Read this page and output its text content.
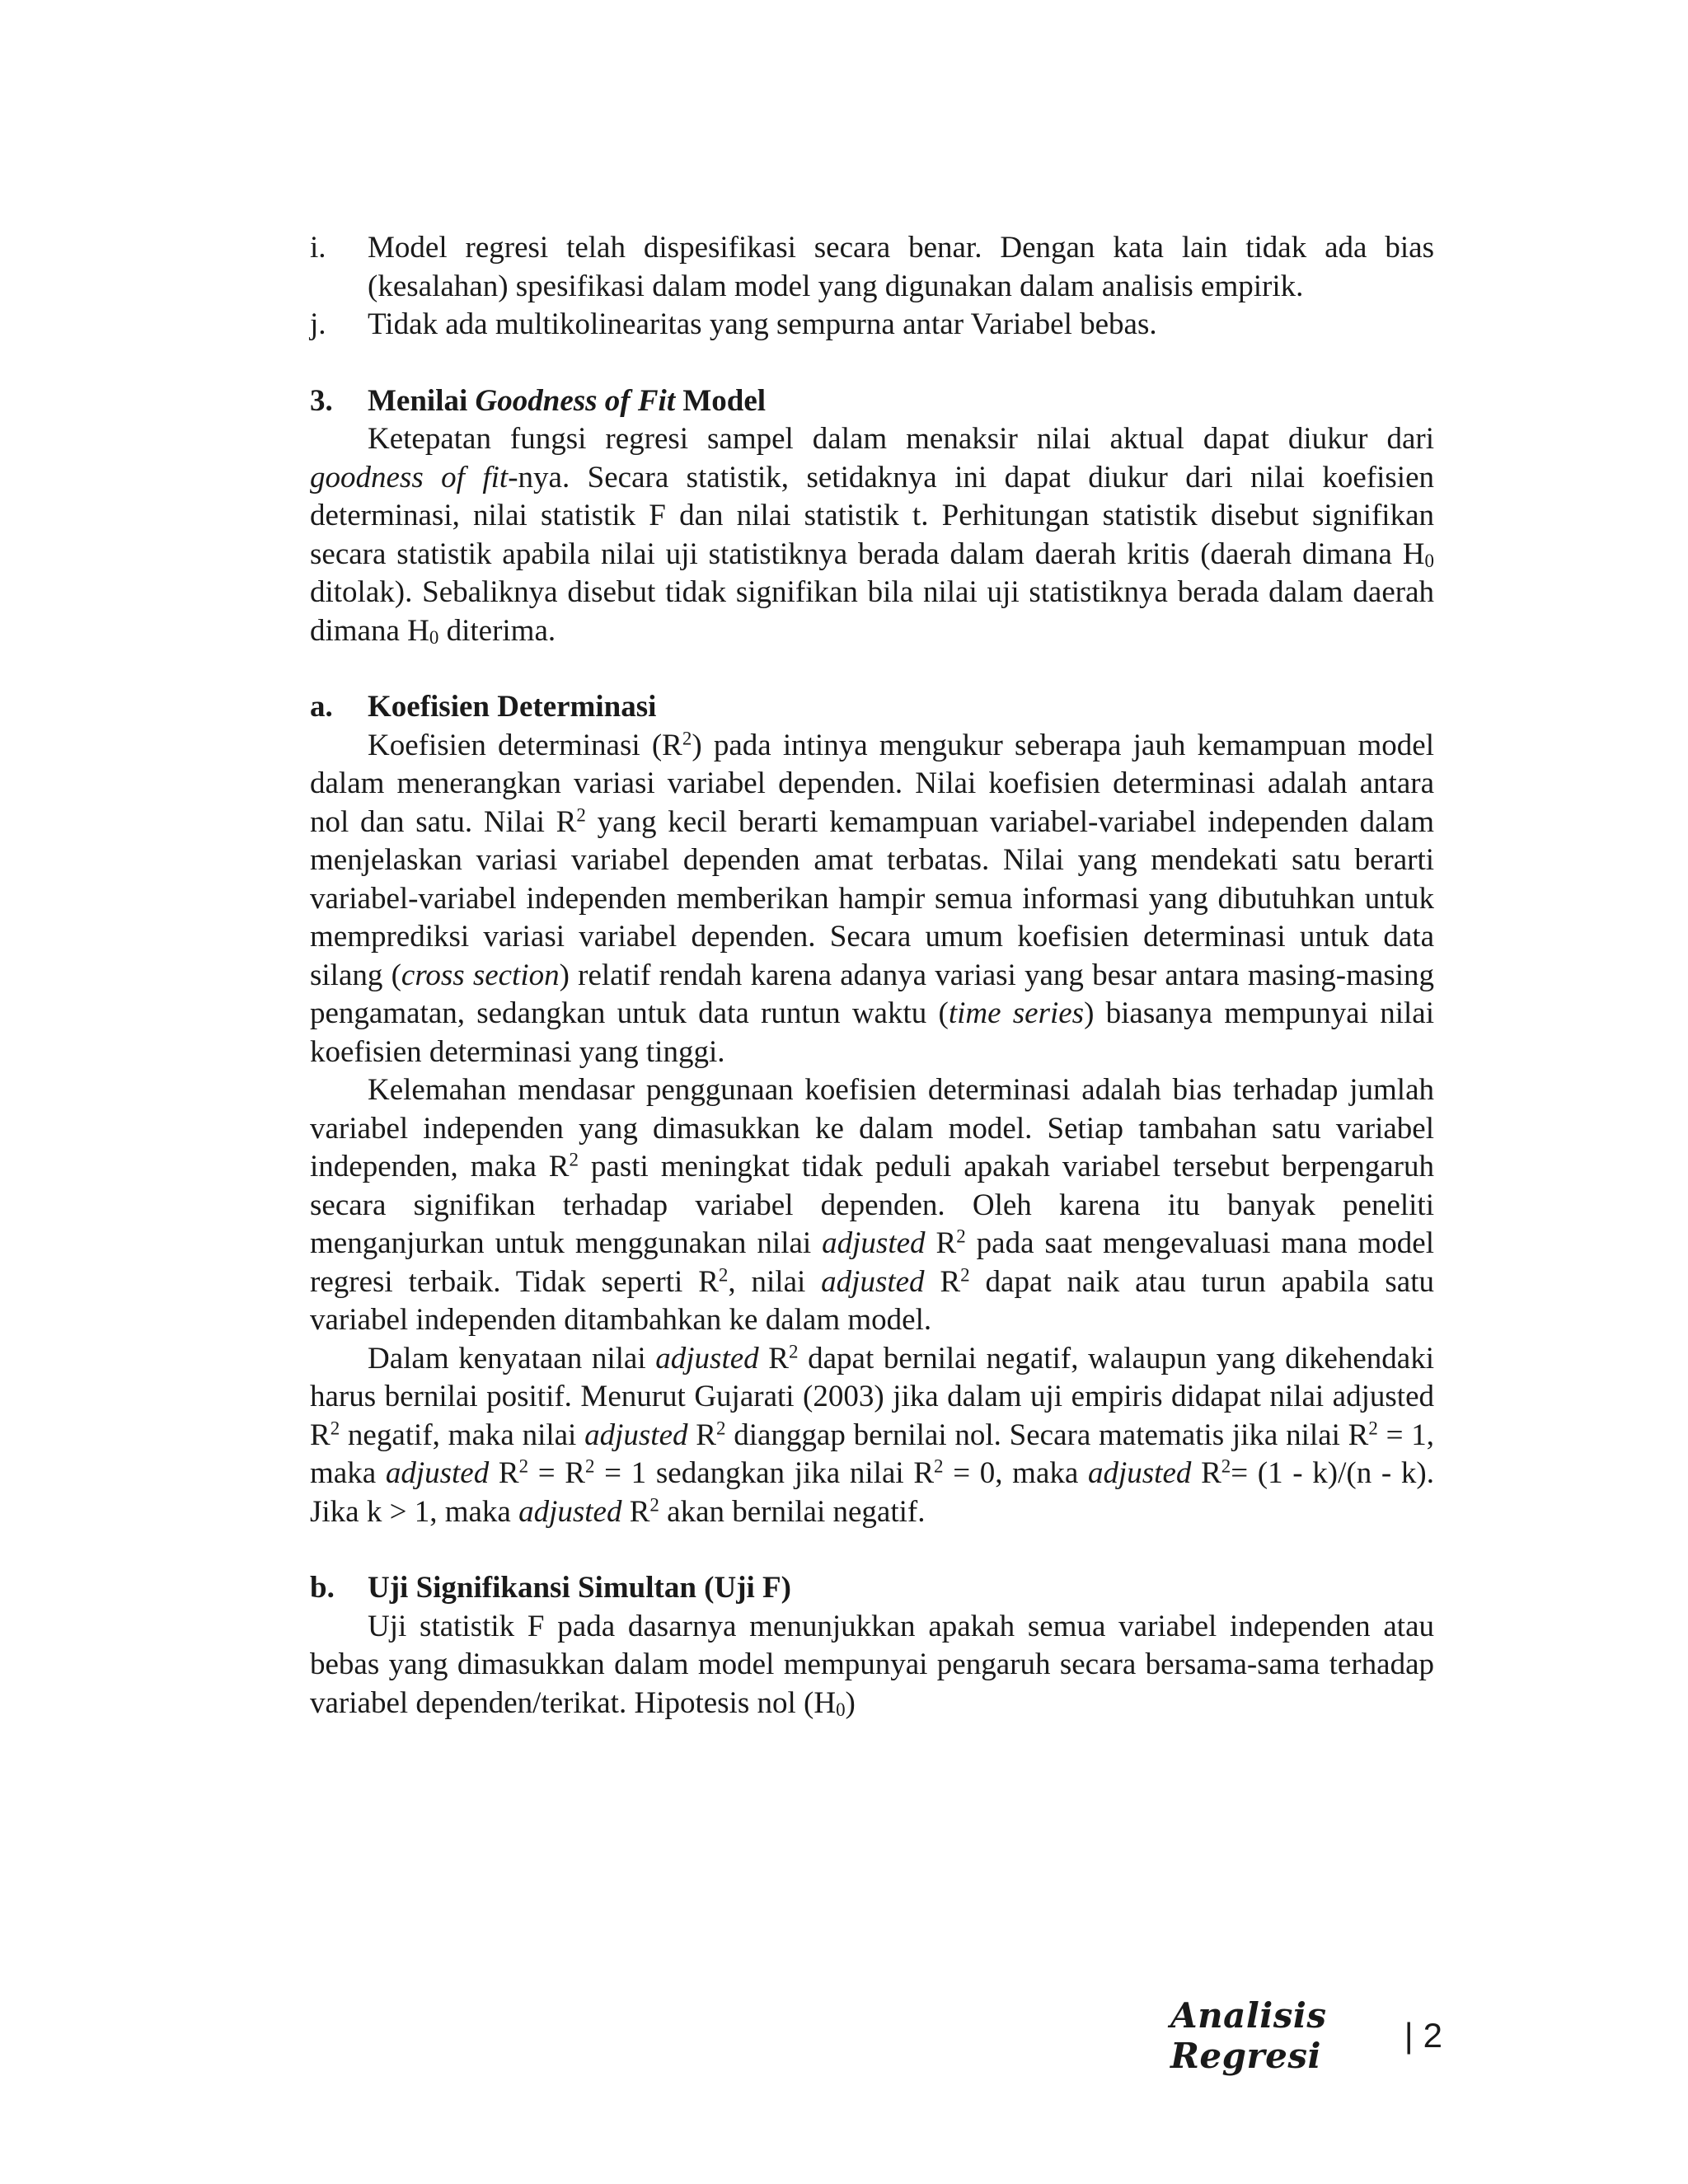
i.	Model regresi telah dispesifikasi secara benar. Dengan kata lain tidak ada bias (kesalahan) spesifikasi dalam model yang digunakan dalam analisis empirik.
j.	Tidak ada multikolinearitas yang sempurna antar Variabel bebas.
3.	Menilai Goodness of Fit Model

Ketepatan fungsi regresi sampel dalam menaksir nilai aktual dapat diukur dari goodness of fit-nya. Secara statistik, setidaknya ini dapat diukur dari nilai koefisien determinasi, nilai statistik F dan nilai statistik t. Perhitungan statistik disebut signifikan secara statistik apabila nilai uji statistiknya berada dalam daerah kritis (daerah dimana $H_0$ ditolak). Sebaliknya disebut tidak signifikan bila nilai uji statistiknya berada dalam daerah dimana $H_0$ diterima.

a.	Koefisien Determinasi

Koefisien determinasi $(R^2)$ pada intinya mengukur seberapa jauh kemampuan model dalam menerangkan variasi variabel dependen. Nilai koefisien determinasi adalah antara nol dan satu. Nilai $R^2$ yang kecil berarti kemampuan variabel-variabel independen dalam menjelaskan variasi variabel dependen amat terbatas. Nilai yang mendekati satu berarti variabel-variabel independen memberikan hampir semua informasi yang dibutuhkan untuk memprediksi variasi variabel dependen. Secara umum koefisien determinasi untuk data silang (cross section) relatif rendah karena adanya variasi yang besar antara masing-masing pengamatan, sedangkan untuk data runtun waktu (time series) biasanya mempunyai nilai koefisien determinasi yang tinggi.

Kelemahan mendasar penggunaan koefisien determinasi adalah bias terhadap jumlah variabel independen yang dimasukkan ke dalam model. Setiap tambahan satu variabel independen, maka $R^2$ pasti meningkat tidak peduli apakah variabel tersebut berpengaruh secara signifikan terhadap variabel dependen. Oleh karena itu banyak peneliti menganjurkan untuk menggunakan nilai adjusted $R^2$ pada saat mengevaluasi mana model regresi terbaik. Tidak seperti $R^2$, nilai adjusted $R^2$ dapat naik atau turun apabila satu variabel independen ditambahkan ke dalam model.

Dalam kenyataan nilai adjusted $R^2$ dapat bernilai negatif, walaupun yang dikehendaki harus bernilai positif. Menurut Gujarati (2003) jika dalam uji empiris didapat nilai adjusted $R^2$ negatif, maka nilai adjusted $R^2$ dianggap bernilai nol. Secara matematis jika nilai $R^2 = 1$, maka adjusted $R^2 = R^2 = 1$ sedangkan jika nilai $R^2 = 0$, maka adjusted $R^2= (1 - k)/(n - k)$. Jika k > 1, maka adjusted $R^2$ akan bernilai negatif.

b.	Uji Signifikansi Simultan (Uji F)

Uji statistik F pada dasarnya menunjukkan apakah semua variabel independen atau bebas yang dimasukkan dalam model mempunyai pengaruh secara bersama-sama terhadap variabel dependen/terikat. Hipotesis nol $(H_0)$

Analisis Regresi
| 2
